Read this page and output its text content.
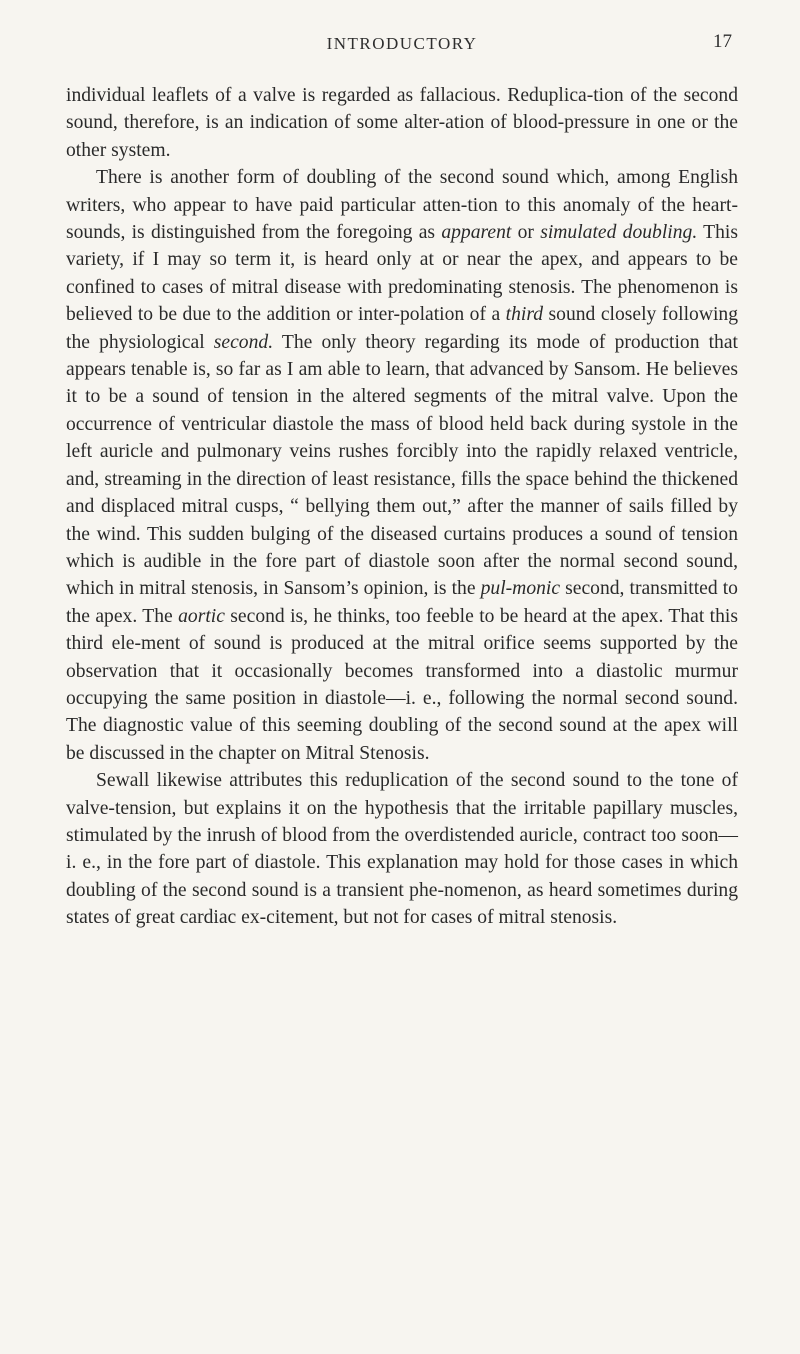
INTRODUCTORY	17

individual leaflets of a valve is regarded as fallacious. Reduplica-tion of the second sound, therefore, is an indication of some alter-ation of blood-pressure in one or the other system.

There is another form of doubling of the second sound which, among English writers, who appear to have paid particular atten-tion to this anomaly of the heart-sounds, is distinguished from the foregoing as apparent or simulated doubling. This variety, if I may so term it, is heard only at or near the apex, and appears to be confined to cases of mitral disease with predominating stenosis. The phenomenon is believed to be due to the addition or inter-polation of a third sound closely following the physiological second. The only theory regarding its mode of production that appears tenable is, so far as I am able to learn, that advanced by Sansom. He believes it to be a sound of tension in the altered segments of the mitral valve. Upon the occurrence of ventricular diastole the mass of blood held back during systole in the left auricle and pulmonary veins rushes forcibly into the rapidly relaxed ventricle, and, streaming in the direction of least resistance, fills the space behind the thickened and displaced mitral cusps, “ bellying them out,” after the manner of sails filled by the wind. This sudden bulging of the diseased curtains produces a sound of tension which is audible in the fore part of diastole soon after the normal second sound, which in mitral stenosis, in Sansom’s opinion, is the pul-monic second, transmitted to the apex. The aortic second is, he thinks, too feeble to be heard at the apex. That this third ele-ment of sound is produced at the mitral orifice seems supported by the observation that it occasionally becomes transformed into a diastolic murmur occupying the same position in diastole—i. e., following the normal second sound. The diagnostic value of this seeming doubling of the second sound at the apex will be discussed in the chapter on Mitral Stenosis.

Sewall likewise attributes this reduplication of the second sound to the tone of valve-tension, but explains it on the hypothesis that the irritable papillary muscles, stimulated by the inrush of blood from the overdistended auricle, contract too soon—i. e., in the fore part of diastole. This explanation may hold for those cases in which doubling of the second sound is a transient phe-nomenon, as heard sometimes during states of great cardiac ex-citement, but not for cases of mitral stenosis.
